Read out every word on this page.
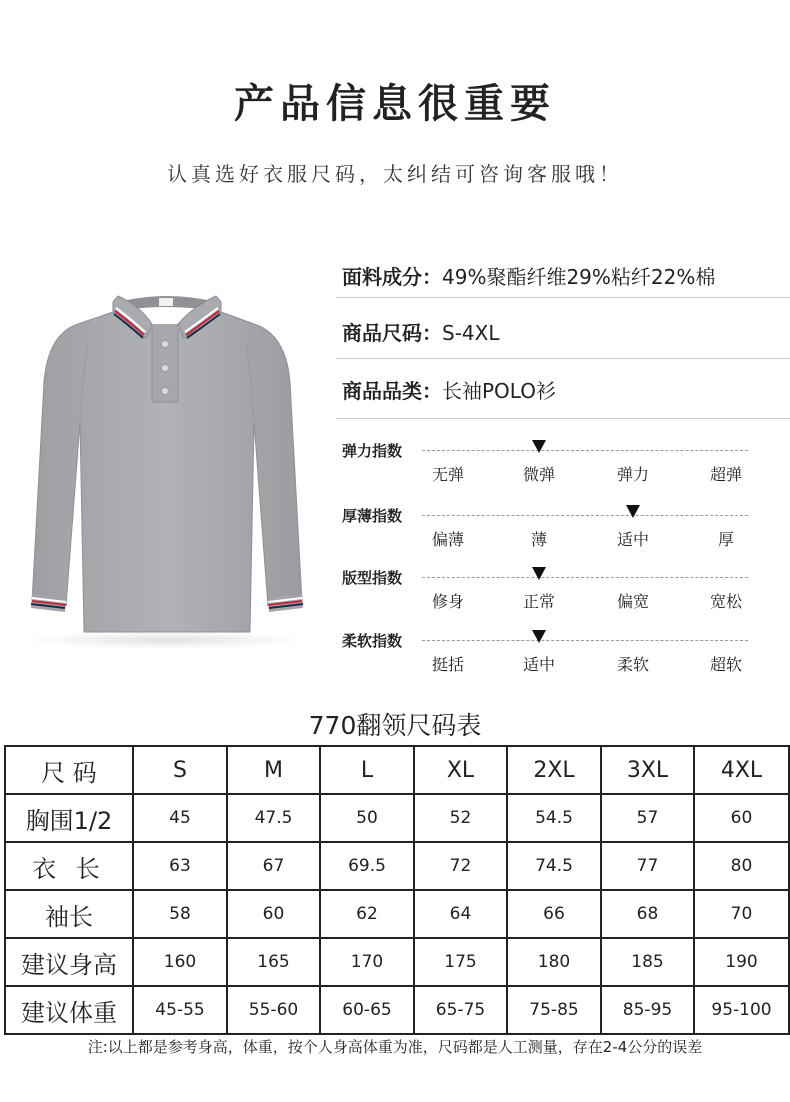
产品信息很重要
认真选好衣服尺码，太纠结可咨询客服哦！
面料成分：49%聚酯纤维29%粘纤22%棉
商品尺码：S-4XL
商品品类：长袖POLO衫
弹力指数
无弹	微弹	弹力	超弹
厚薄指数
偏薄	薄	适中	厚
版型指数
修身	正常	偏宽	宽松
柔软指数
挺括	适中	柔软	超软
770翻领尺码表
尺 码	S	M	L	XL	2XL	3XL	4XL
胸围1/2	45	47.5	50	52	54.5	57	60
衣 长	63	67	69.5	72	74.5	77	80
袖长	58	60	62	64	66	68	70
建议身高	160	165	170	175	180	185	190
建议体重	45-55	55-60	60-65	65-75	75-85	85-95	95-100
注:以上都是参考身高，体重，按个人身高体重为准，尺码都是人工测量，存在2-4公分的误差
